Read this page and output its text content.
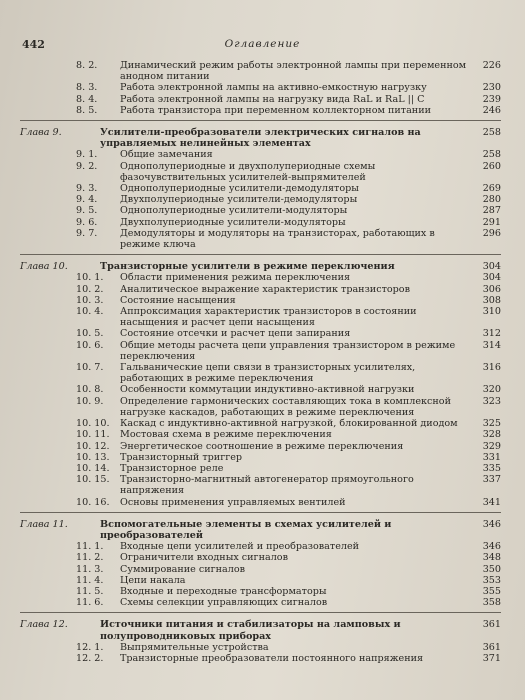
442	Оглавление
8. 2. Динамический режим работы электронной лампы при переменном анодном питании
226
8. 3. Работа электронной лампы на активно-емкостную нагрузку	230
8. 4. Работа электронной лампы на нагрузку вида RaL и RaL || C	239
8. 5. Работа транзистора при переменном коллекторном питании	246
Глава 9.	Усилители-преобразователи электрических сигналов на управляемых нелинейных элементах
258
9. 1. Общие замечания	258
9. 2. Однополупериодные и двухполупериодные схемы фазочувствительных усилителей-выпрямителей
260
9. 3. Однополупериодные усилители-демодуляторы	269
9. 4. Двухполупериодные усилители-демодуляторы	280
9. 5. Однополупериодные усилители-модуляторы	287
9. 6. Двухполупериодные усилители-модуляторы	291
9. 7. Демодуляторы и модуляторы на транзисторах, работающих в режиме ключа
296
Глава 10.	Транзисторные усилители в режиме переключения	304
10. 1. Области применения режима переключения	304
10. 2. Аналитическое выражение характеристик транзисторов	306
10. 3. Состояние насыщения	308
10. 4. Аппроксимация характеристик транзисторов в состоянии насыщения и расчет цепи насыщения
310
10. 5. Состояние отсечки и расчет цепи запирания	312
10. 6. Общие методы расчета цепи управления транзистором в режиме переключения
314
10. 7. Гальванические цепи связи в транзисторных усилителях, работающих в режиме переключения
316
10. 8. Особенности коммутации индуктивно-активной нагрузки	320
10. 9. Определение гармонических составляющих тока в комплексной нагрузке каскадов, работающих в режиме переключения
323
10. 10. Каскад с индуктивно-активной нагрузкой, блокированной диодом	325
10. 11. Мостовая схема в режиме переключения	328
10. 12. Энергетическое соотношение в режиме переключения	329
10. 13. Транзисторный триггер	331
10. 14. Транзисторное реле	335
10. 15. Транзисторно-магнитный автогенератор прямоугольного напряжения
337
10. 16. Основы применения управляемых вентилей	341
Глава 11.	Вспомогательные элементы в схемах усилителей и преобразователей
346
11. 1. Входные цепи усилителей и преобразователей	346
11. 2. Ограничители входных сигналов	348
11. 3. Суммирование сигналов	350
11. 4. Цепи накала	353
11. 5. Входные и переходные трансформаторы	355
11. 6. Схемы селекции управляющих сигналов	358
Глава 12.	Источники питания и стабилизаторы на ламповых и полупроводниковых приборах
361
12. 1. Выпрямительные устройства	361
12. 2. Транзисторные преобразователи постоянного напряжения	371
